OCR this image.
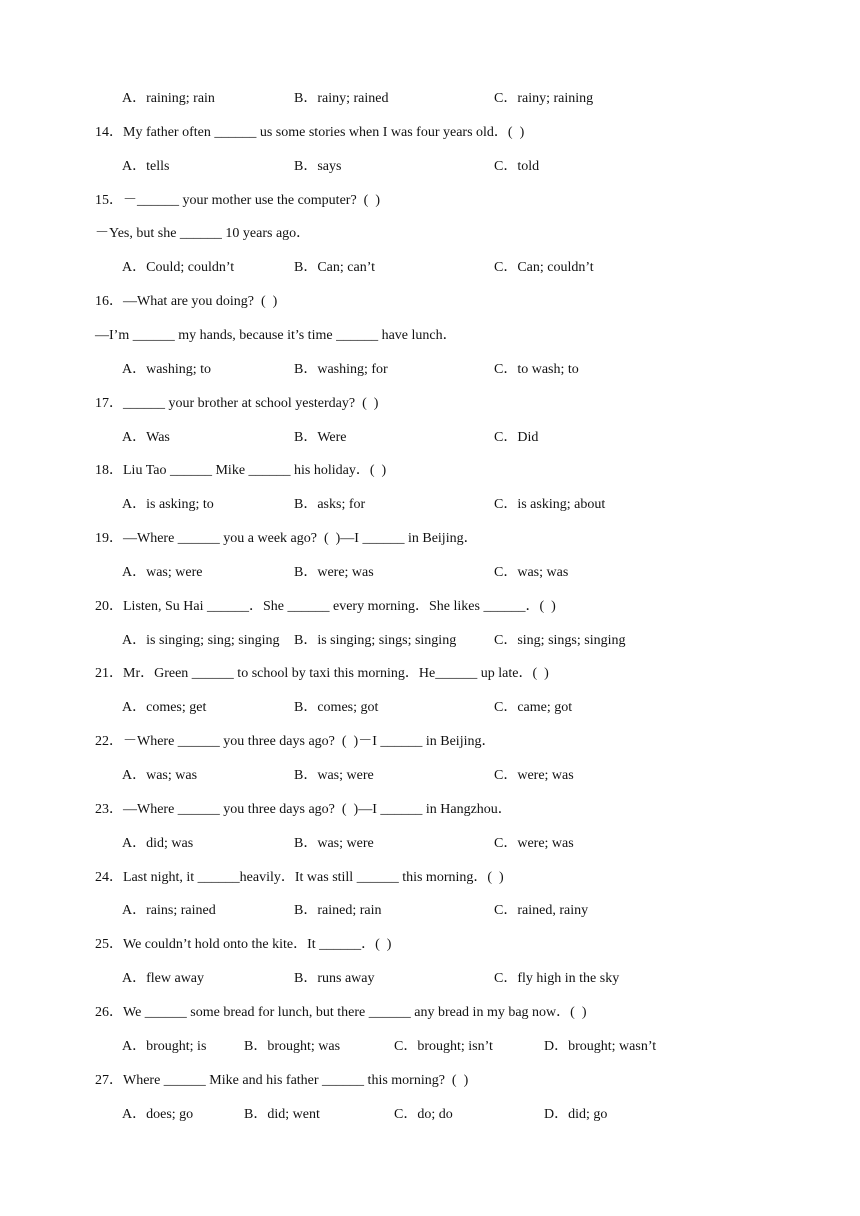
A．raining; rain	B．rainy; rained	C．rainy; raining
14．My father often ______ us some stories when I was four years old．(  )
A．tells	B．says	C．told
15．－______ your mother use the computer?  (  )
－Yes, but she ______ 10 years ago．
A．Could; couldn’t	B．Can; can’t	C．Can; couldn’t
16．—What are you doing?  (  )
—I’m ______ my hands, because it’s time ______ have lunch．
A．washing; to	B．washing; for	C．to wash; to
17．______ your brother at school yesterday?  (  )
A．Was	B．Were	C．Did
18．Liu Tao ______ Mike ______ his holiday．(  )
A．is asking; to	B．asks; for	C．is asking; about
19．—Where ______ you a week ago?  (  )—I ______ in Beijing．
A．was; were	B．were; was	C．was; was
20．Listen, Su Hai ______．She ______ every morning．She likes ______．(  )
A．is singing; sing; singing B．is singing; sings; singing	C．sing; sings; singing
21．Mr．Green ______ to school by taxi this morning．He______ up late．(  )
A．comes; get	B．comes; got	C．came; got
22．－Where ______ you three days ago?  (  )－I ______ in Beijing．
A．was; was	B．was; were	C．were; was
23．—Where ______ you three days ago?  (  )—I ______ in Hangzhou．
A．did; was	B．was; were	C．were; was
24．Last night, it ______heavily．It was still ______ this morning．(  )
A．rains; rained	B．rained; rain	C．rained, rainy
25．We couldn’t hold onto the kite．It ______．(  )
A．flew away	B．runs away	C．fly high in the sky
26．We ______ some bread for lunch, but there ______ any bread in my bag now．(  )
A．brought; is	B．brought; was	C．brought; isn’t	D．brought; wasn’t
27．Where ______ Mike and his father ______ this morning?  (  )
A．does; go	B．did; went	C．do; do	D．did; go
